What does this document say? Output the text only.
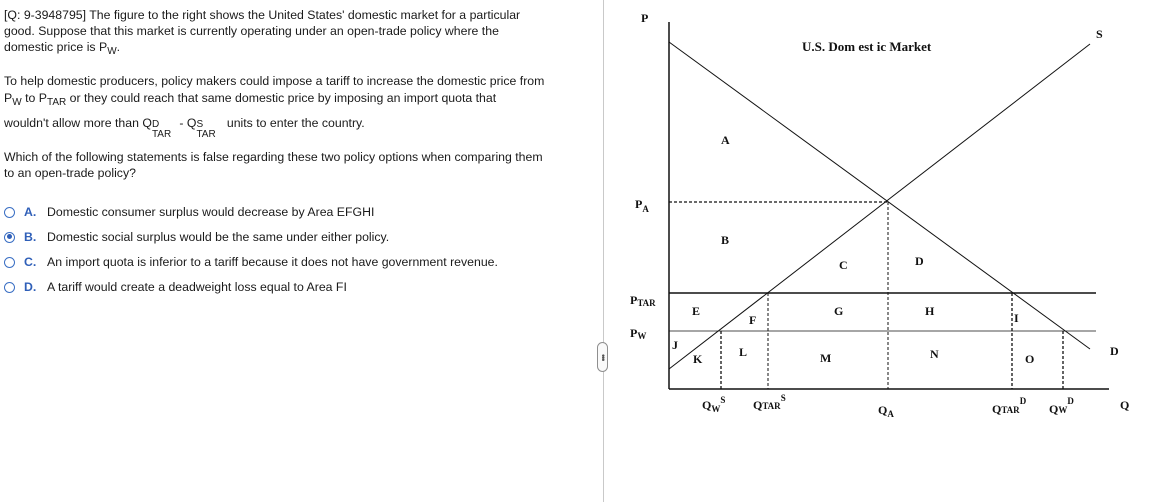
[Q: 9-3948795] The figure to the right shows the United States' domestic market for a particular
good. Suppose that this market is currently operating under an open-trade policy where the
domestic price is $P_W$.
To help domestic producers, policy makers could impose a tariff to increase the domestic price from
$P_W$ to $P_{TAR}$ or they could reach that same domestic price by imposing an import quota that
wouldn't allow more than Q D
TAR
- Q S
TAR
units to enter the country.
Which of the following statements is false regarding these two policy options when comparing them
to an open-trade policy?
A. Domestic consumer surplus would decrease by Area EFGHI
B. Domestic social surplus would be the same under either policy.
C. An import quota is inferior to a tariff because it does not have government revenue.
D. A tariff would create a deadweight loss equal to Area FI
•••
U.S. Dom est ic Market
P
Q
S
D
$P_A$
PTAR
PW
$Q_W^S$ $QTAR^S$
$Q_A$	$QTAR^D$
$QW^D$
A
B
C	D
E
F
G	H	I
J
K	L	M	N	O
